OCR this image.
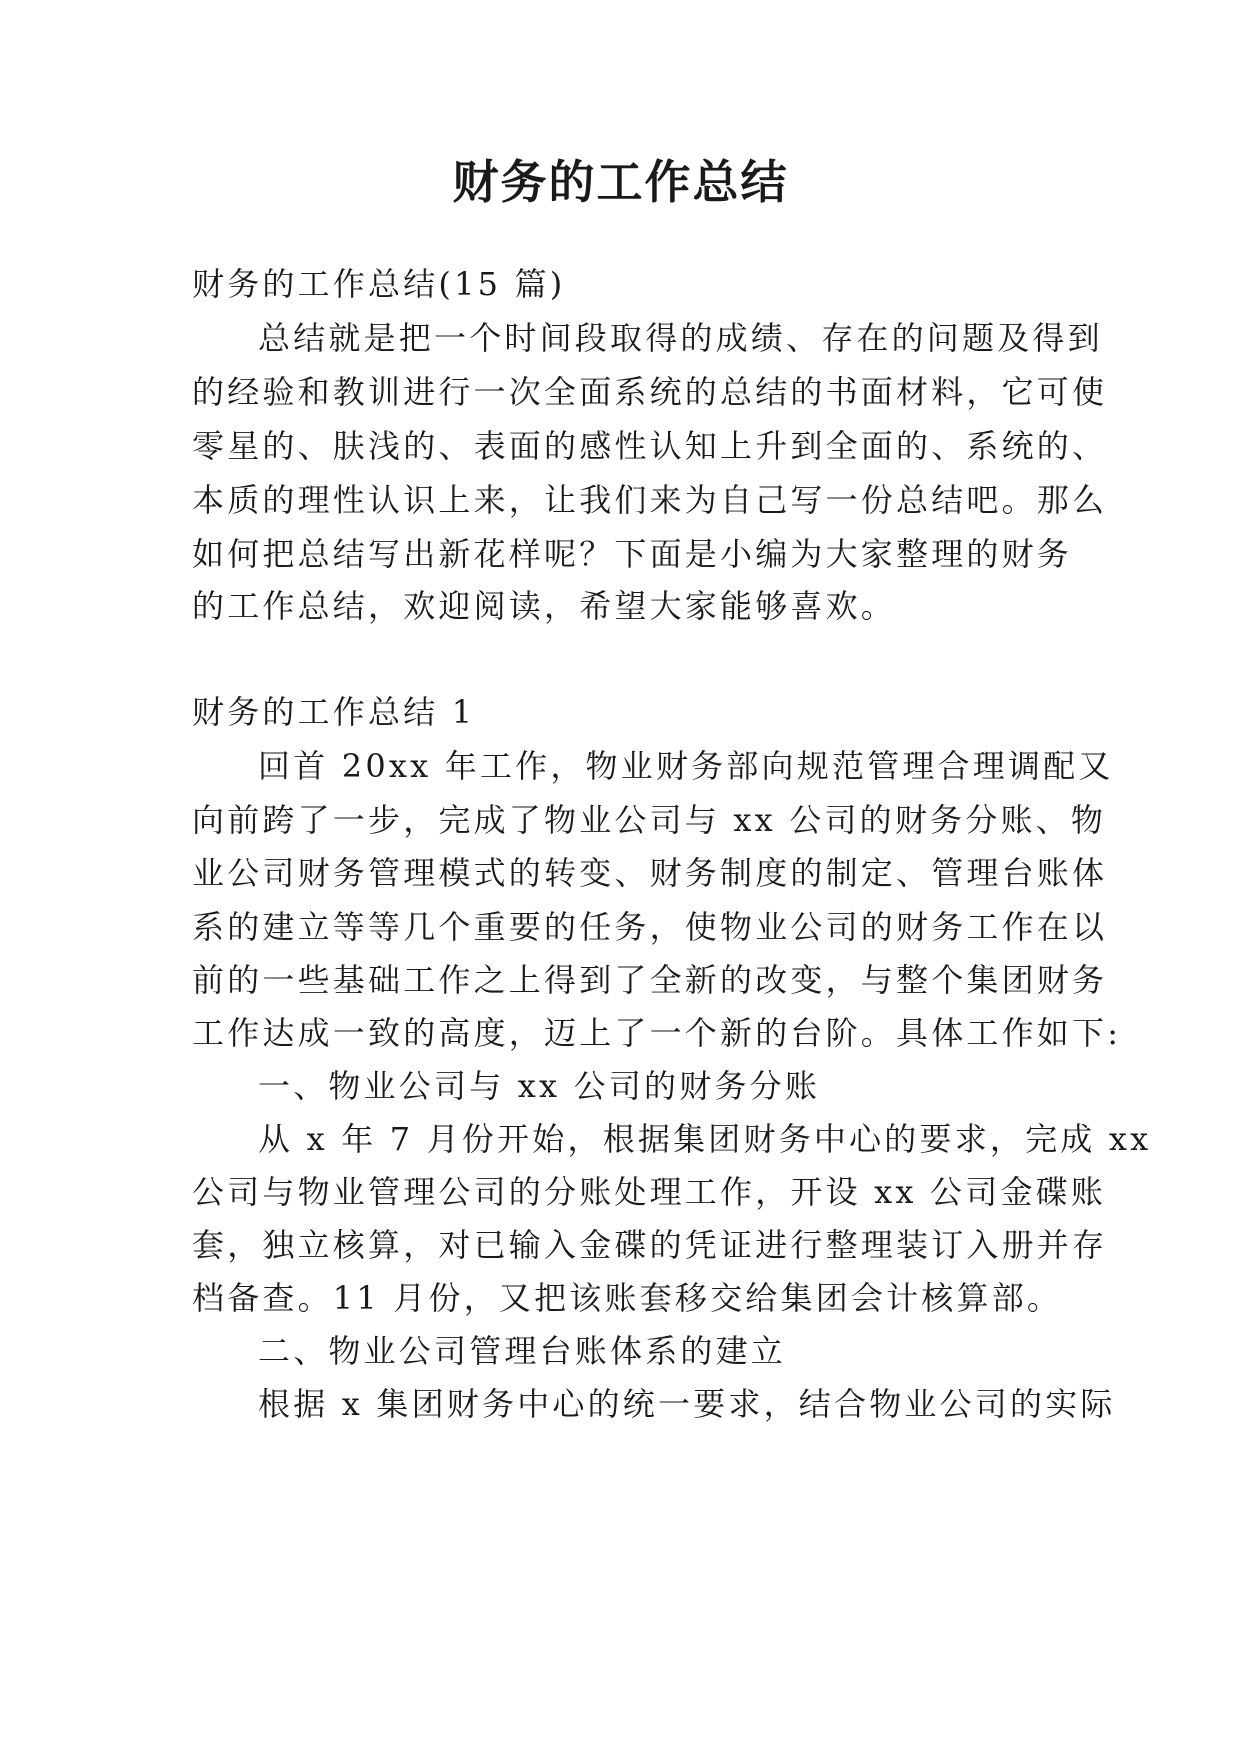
财务的工作总结
财务的工作总结(15 篇)
总结就是把一个时间段取得的成绩、存在的问题及得到
的经验和教训进行一次全面系统的总结的书面材料，它可使
零星的、肤浅的、表面的感性认知上升到全面的、系统的、
本质的理性认识上来，让我们来为自己写一份总结吧。那么
如何把总结写出新花样呢？下面是小编为大家整理的财务
的工作总结，欢迎阅读，希望大家能够喜欢。
财务的工作总结 1
回首 20xx 年工作，物业财务部向规范管理合理调配又
向前跨了一步，完成了物业公司与 xx 公司的财务分账、物
业公司财务管理模式的转变、财务制度的制定、管理台账体
系的建立等等几个重要的任务，使物业公司的财务工作在以
前的一些基础工作之上得到了全新的改变，与整个集团财务
工作达成一致的高度，迈上了一个新的台阶。具体工作如下:
一、物业公司与 xx 公司的财务分账
从 x 年 7 月份开始，根据集团财务中心的要求，完成 xx
公司与物业管理公司的分账处理工作，开设 xx 公司金碟账
套，独立核算，对已输入金碟的凭证进行整理装订入册并存
档备查。11 月份，又把该账套移交给集团会计核算部。
二、物业公司管理台账体系的建立
根据 x 集团财务中心的统一要求，结合物业公司的实际
